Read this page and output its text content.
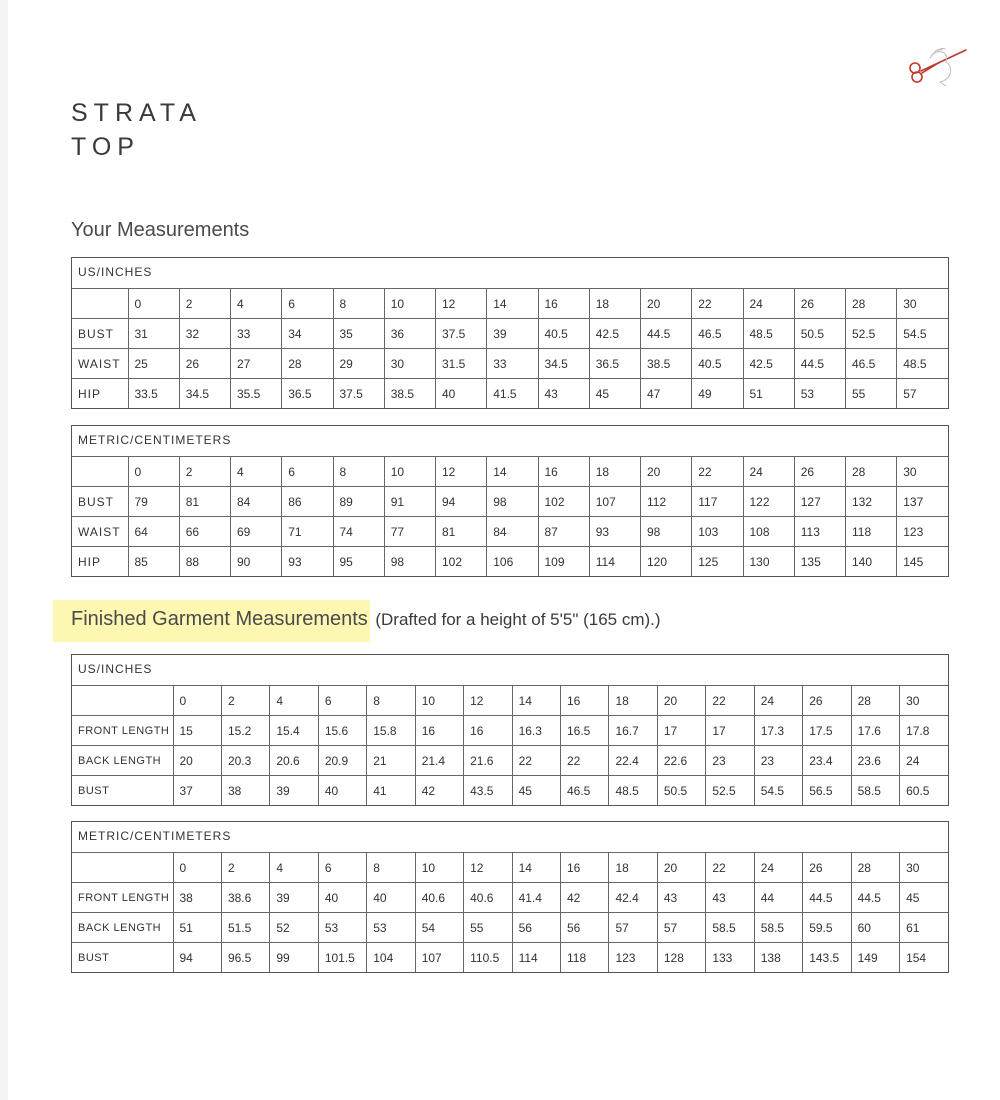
STRATA
TOP
Your Measurements
US/INCHES
	0	2	4	6	8	10	12	14	16	18	20	22	24	26	28	30
BUST	31	32	33	34	35	36	37.5	39	40.5	42.5	44.5	46.5	48.5	50.5	52.5	54.5
WAIST	25	26	27	28	29	30	31.5	33	34.5	36.5	38.5	40.5	42.5	44.5	46.5	48.5
HIP	33.5	34.5	35.5	36.5	37.5	38.5	40	41.5	43	45	47	49	51	53	55	57
METRIC/CENTIMETERS
	0	2	4	6	8	10	12	14	16	18	20	22	24	26	28	30
BUST	79	81	84	86	89	91	94	98	102	107	112	117	122	127	132	137
WAIST	64	66	69	71	74	77	81	84	87	93	98	103	108	113	118	123
HIP	85	88	90	93	95	98	102	106	109	114	120	125	130	135	140	145
Finished Garment Measurements (Drafted for a height of 5'5" (165 cm).)
US/INCHES
	0	2	4	6	8	10	12	14	16	18	20	22	24	26	28	30
FRONT LENGTH	15	15.2	15.4	15.6	15.8	16	16	16.3	16.5	16.7	17	17	17.3	17.5	17.6	17.8
BACK LENGTH	20	20.3	20.6	20.9	21	21.4	21.6	22	22	22.4	22.6	23	23	23.4	23.6	24
BUST	37	38	39	40	41	42	43.5	45	46.5	48.5	50.5	52.5	54.5	56.5	58.5	60.5
METRIC/CENTIMETERS
	0	2	4	6	8	10	12	14	16	18	20	22	24	26	28	30
FRONT LENGTH	38	38.6	39	40	40	40.6	40.6	41.4	42	42.4	43	43	44	44.5	44.5	45
BACK LENGTH	51	51.5	52	53	53	54	55	56	56	57	57	58.5	58.5	59.5	60	61
BUST	94	96.5	99	101.5	104	107	110.5	114	118	123	128	133	138	143.5	149	154
